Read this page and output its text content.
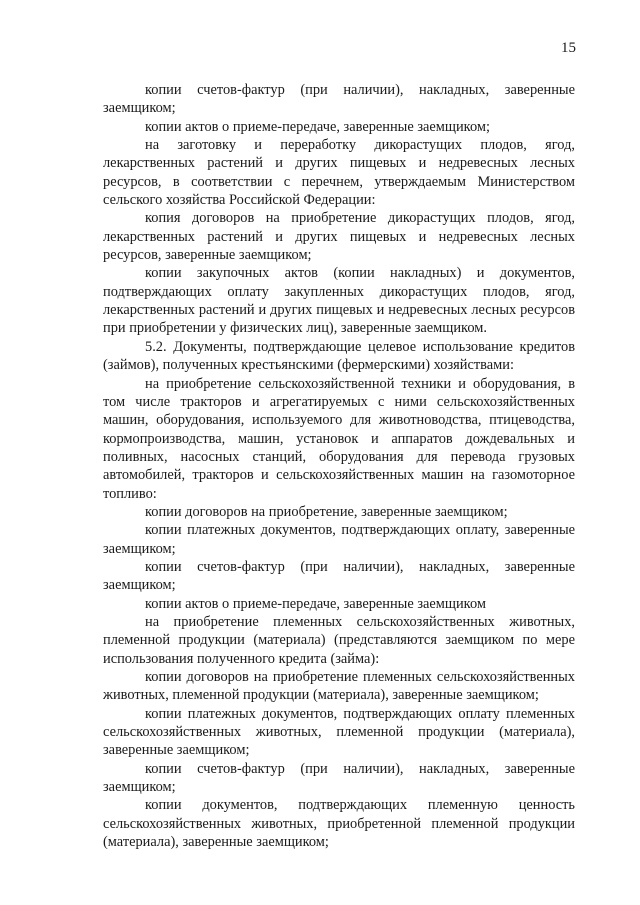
15

копии счетов-фактур (при наличии), накладных, заверенные заемщиком;

копии актов о приеме-передаче, заверенные заемщиком;

на заготовку и переработку дикорастущих плодов, ягод, лекарственных растений и других пищевых и недревесных лесных ресурсов, в соответствии с перечнем, утверждаемым Министерством сельского хозяйства Российской Федерации:

копия договоров на приобретение дикорастущих плодов, ягод, лекарственных растений и других пищевых и недревесных лесных ресурсов, заверенные заемщиком;

копии закупочных актов (копии накладных) и документов, подтверждающих оплату закупленных дикорастущих плодов, ягод, лекарственных растений и других пищевых и недревесных лесных ресурсов при приобретении у физических лиц), заверенные заемщиком.

5.2. Документы, подтверждающие целевое использование кредитов (займов), полученных крестьянскими (фермерскими) хозяйствами:

на приобретение сельскохозяйственной техники и оборудования, в том числе тракторов и агрегатируемых с ними сельскохозяйственных машин, оборудования, используемого для животноводства, птицеводства, кормопроизводства, машин, установок и аппаратов дождевальных и поливных, насосных станций, оборудования для перевода грузовых автомобилей, тракторов и сельскохозяйственных машин на газомоторное топливо:

копии договоров на приобретение, заверенные заемщиком;

копии платежных документов, подтверждающих оплату, заверенные заемщиком;

копии счетов-фактур (при наличии), накладных, заверенные заемщиком;

копии актов о приеме-передаче, заверенные заемщиком

на приобретение племенных сельскохозяйственных животных, племенной продукции (материала) (представляются заемщиком по мере использования полученного кредита (займа):

копии договоров на приобретение племенных сельскохозяйственных животных, племенной продукции (материала), заверенные заемщиком;

копии платежных документов, подтверждающих оплату племенных сельскохозяйственных животных, племенной продукции (материала), заверенные заемщиком;

копии счетов-фактур (при наличии), накладных, заверенные заемщиком;

копии документов, подтверждающих племенную ценность сельскохозяйственных животных, приобретенной племенной продукции (материала), заверенные заемщиком;
